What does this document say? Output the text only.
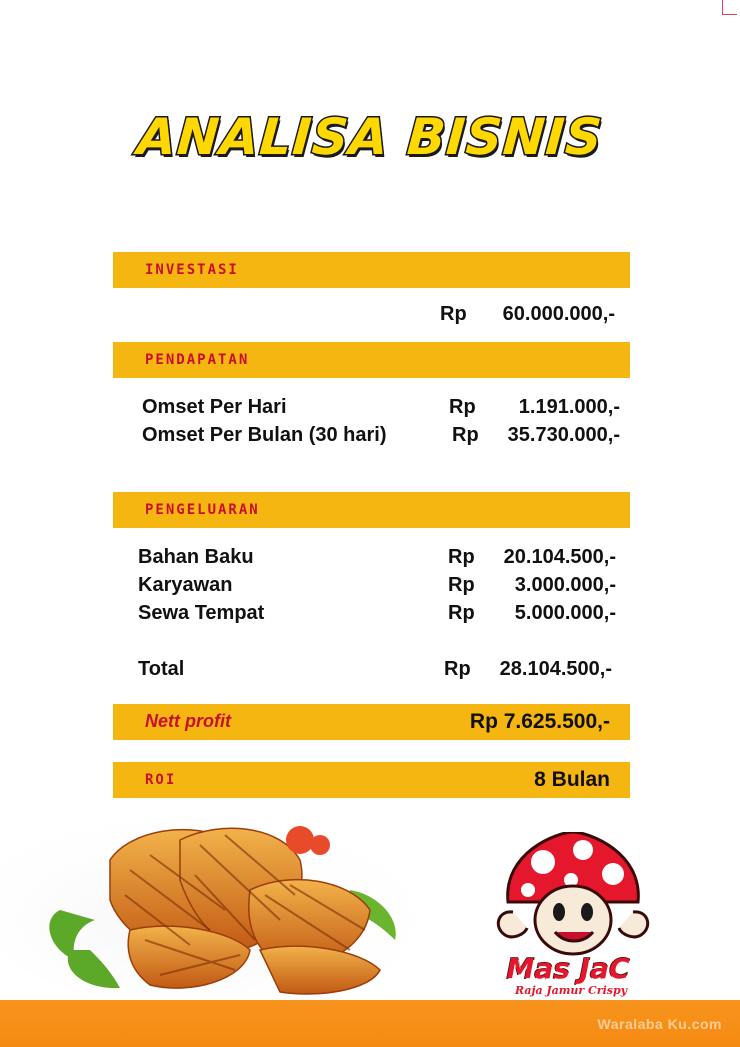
ANALISA BISNIS
INVESTASI
Rp 60.000.000,-
PENDAPATAN
Omset Per Hari	Rp 1.191.000,-
Omset Per Bulan (30 hari)	Rp 35.730.000,-
PENGELUARAN
Bahan Baku	Rp 20.104.500,-
Karyawan	Rp 3.000.000,-
Sewa Tempat	Rp 5.000.000,-
Total	Rp 28.104.500,-
Nett profit	Rp 7.625.500,-
ROI	8 Bulan
Mas JaC
Raja Jamur Crispy
Waralaba Ku.com
